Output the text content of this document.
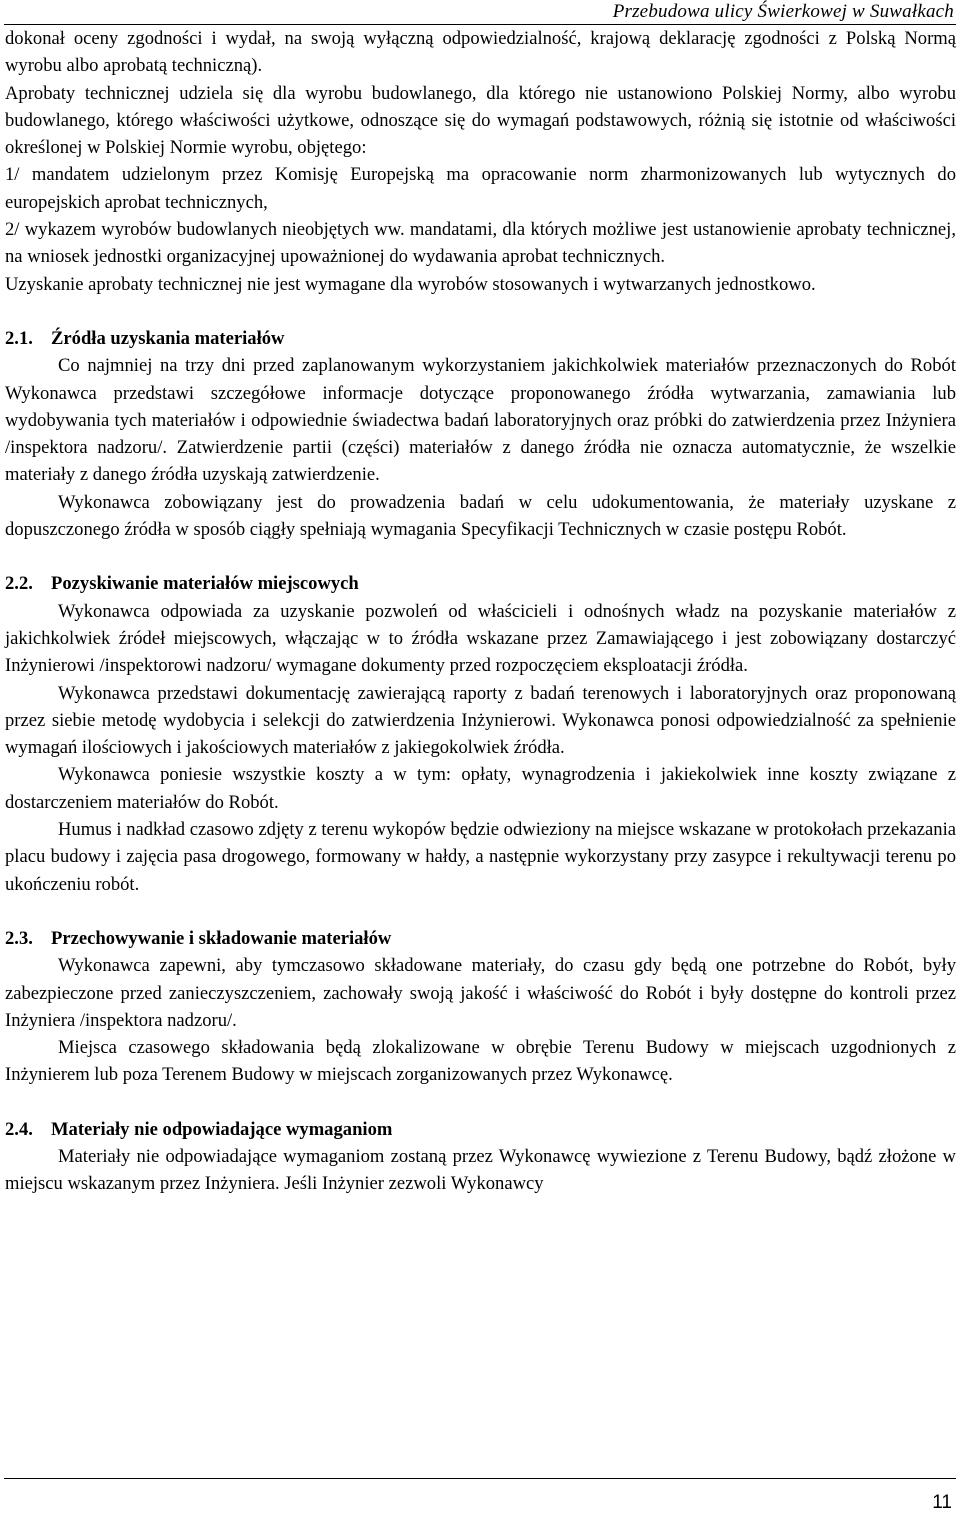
Przebudowa ulicy Świerkowej w Suwałkach

dokonał oceny zgodności i wydał, na swoją wyłączną odpowiedzialność, krajową deklarację zgodności z Polską Normą wyrobu albo aprobatą techniczną).

Aprobaty technicznej udziela się dla wyrobu budowlanego, dla którego nie ustanowiono Polskiej Normy, albo wyrobu budowlanego, którego właściwości użytkowe, odnoszące się do wymagań podstawowych, różnią się istotnie od właściwości określonej w Polskiej Normie wyrobu, objętego:

1/ mandatem udzielonym przez Komisję Europejską ma opracowanie norm zharmonizowanych lub wytycznych do europejskich aprobat technicznych,

2/ wykazem wyrobów budowlanych nieobjętych ww. mandatami, dla których możliwe jest ustanowienie aprobaty technicznej, na wniosek jednostki organizacyjnej upoważnionej do wydawania aprobat technicznych.

Uzyskanie aprobaty technicznej nie jest wymagane dla wyrobów stosowanych i wytwarzanych jednostkowo.

2.1. Źródła uzyskania materiałów

Co najmniej na trzy dni przed zaplanowanym wykorzystaniem jakichkolwiek materiałów przeznaczonych do Robót Wykonawca przedstawi szczegółowe informacje dotyczące proponowanego źródła wytwarzania, zamawiania lub wydobywania tych materiałów i odpowiednie świadectwa badań laboratoryjnych oraz próbki do zatwierdzenia przez Inżyniera /inspektora nadzoru/. Zatwierdzenie partii (części) materiałów z danego źródła nie oznacza automatycznie, że wszelkie materiały z danego źródła uzyskają zatwierdzenie.

Wykonawca zobowiązany jest do prowadzenia badań w celu udokumentowania, że materiały uzyskane z dopuszczonego źródła w sposób ciągły spełniają wymagania Specyfikacji Technicznych w czasie postępu Robót.

2.2. Pozyskiwanie materiałów miejscowych

Wykonawca odpowiada za uzyskanie pozwoleń od właścicieli i odnośnych władz na pozyskanie materiałów z jakichkolwiek źródeł miejscowych, włączając w to źródła wskazane przez Zamawiającego i jest zobowiązany dostarczyć Inżynierowi /inspektorowi nadzoru/ wymagane dokumenty przed rozpoczęciem eksploatacji źródła.

Wykonawca przedstawi dokumentację zawierającą raporty z badań terenowych i laboratoryjnych oraz proponowaną przez siebie metodę wydobycia i selekcji do zatwierdzenia Inżynierowi. Wykonawca ponosi odpowiedzialność za spełnienie wymagań ilościowych i jakościowych materiałów z jakiegokolwiek źródła.

Wykonawca poniesie wszystkie koszty a w tym: opłaty, wynagrodzenia i jakiekolwiek inne koszty związane z dostarczeniem materiałów do Robót.

Humus i nadkład czasowo zdjęty z terenu wykopów będzie odwieziony na miejsce wskazane w protokołach przekazania placu budowy i zajęcia pasa drogowego, formowany w hałdy, a następnie wykorzystany przy zasypce i rekultywacji terenu po ukończeniu robót.

2.3. Przechowywanie i składowanie materiałów

Wykonawca zapewni, aby tymczasowo składowane materiały, do czasu gdy będą one potrzebne do Robót, były zabezpieczone przed zanieczyszczeniem, zachowały swoją jakość i właściwość do Robót i były dostępne do kontroli przez Inżyniera /inspektora nadzoru/.

Miejsca czasowego składowania będą zlokalizowane w obrębie Terenu Budowy w miejscach uzgodnionych z Inżynierem lub poza Terenem Budowy w miejscach zorganizowanych przez Wykonawcę.

2.4. Materiały nie odpowiadające wymaganiom

Materiały nie odpowiadające wymaganiom zostaną przez Wykonawcę wywiezione z Terenu Budowy, bądź złożone w miejscu wskazanym przez Inżyniera. Jeśli Inżynier zezwoli Wykonawcy

11
